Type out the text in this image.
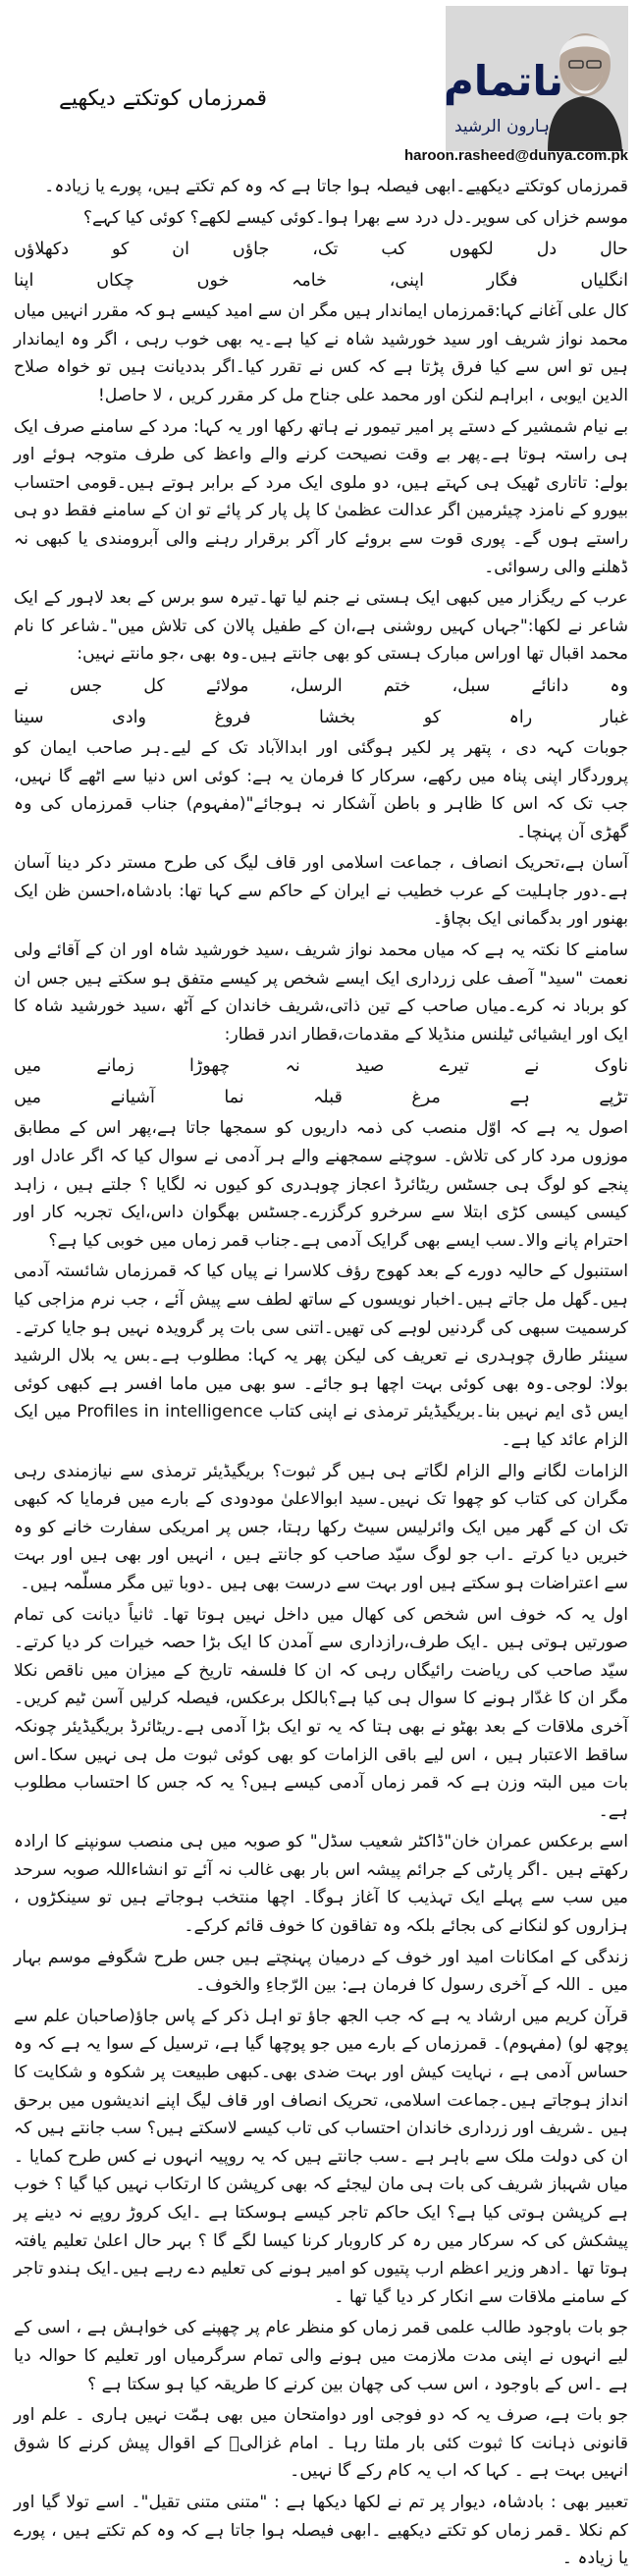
ناتمام
ہارون الرشید
haroon.rasheed@dunya.com.pk
قمرزماں کوتکتے دیکھیے

قمرزماں کوتکتے دیکھیے۔ابھی فیصلہ ہوا جاتا ہے کہ وہ کم تکتے ہیں، پورے یا زیادہ۔

موسم خزاں کی سویر۔دل درد سے بھرا ہوا۔کوئی کیسے لکھے؟ کوئی کیا کہے؟

حال
دل
لکھوں
کب
تک،
جاؤں
ان
کو
دکھلاؤں
انگلیاں
فگار
اپنی،
خامہ
خوں
چکاں
اپنا

کال علی آغانے کہا:قمرزماں ایماندار ہیں مگر ان سے امید کیسے ہو کہ مقرر انہیں میاں محمد نواز شریف اور سید خورشید شاہ نے کیا ہے۔یہ بھی خوب رہی ، اگر وہ ایماندار ہیں تو اس سے کیا فرق پڑتا ہے کہ کس نے تقرر کیا۔اگر بددیانت ہیں تو خواہ صلاح الدین ایوبی ، ابراہم لنکن اور محمد علی جناح مل کر مقرر کریں ، لا حاصل!

بے نیام شمشیر کے دستے پر امیر تیمور نے ہاتھ رکھا اور یہ کہا: مرد کے سامنے صرف ایک ہی راستہ ہوتا ہے۔پھر بے وقت نصیحت کرنے والے واعظ کی طرف متوجہ ہوئے اور بولے: تاتاری ٹھیک ہی کہتے ہیں، دو ملوی ایک مرد کے برابر ہوتے ہیں۔قومی احتساب بیورو کے نامزد چیئرمین اگر عدالت عظمیٰ کا پل پار کر پائے تو ان کے سامنے فقط دو ہی راستے ہوں گے۔ پوری قوت سے بروئے کار آکر برقرار رہنے والی آبرومندی یا کبھی نہ ڈھلنے والی رسوائی۔

عرب کے ریگزار میں کبھی ایک ہستی نے جنم لیا تھا۔تیرہ سو برس کے بعد لاہور کے ایک شاعر نے لکھا:"جہاں کہیں روشنی ہے،ان کے طفیل پالان کی تلاش میں"۔شاعر کا نام محمد اقبال تھا اوراس مبارک ہستی کو بھی جانتے ہیں۔وہ بھی ،جو مانتے نہیں:

وہ
دانائے
سبل،
ختم
الرسل،
مولائے
کل
جس
نے
غبار
راہ
کو
بخشا
فروغ
وادی
سینا

جوبات کہہ دی ، پتھر پر لکیر ہوگئی اور ابدالآباد تک کے لیے۔ہر صاحب ایمان کو پروردگار اپنی پناہ میں رکھے، سرکار کا فرمان یہ ہے: کوئی اس دنیا سے اٹھے گا نہیں، جب تک کہ اس کا ظاہر و باطن آشکار نہ ہوجائے"(مفہوم) جناب قمرزماں کی وہ گھڑی آن پہنچا۔

آسان ہے،تحریک انصاف ، جماعت اسلامی اور قاف لیگ کی طرح مستر دکر دینا آسان ہے۔دور جاہلیت کے عرب خطیب نے ایران کے حاکم سے کہا تھا: بادشاہ،احسن ظن ایک بھنور اور بدگمانی ایک بچاؤ۔

سامنے کا نکتہ یہ ہے کہ میاں محمد نواز شریف ،سید خورشید شاہ اور ان کے آقائے ولی نعمت "سید" آصف علی زرداری ایک ایسے شخص پر کیسے متفق ہو سکتے ہیں جس ان کو برباد نہ کرے۔میاں صاحب کے تین ذاتی،شریف خاندان کے آٹھ ،سید خورشید شاہ کا ایک اور ایشیائی ٹیلنس منڈیلا کے مقدمات،قطار اندر قطار:

ناوک
نے
تیرے
صید
نہ
چھوڑا
زمانے
میں
تڑپے
ہے
مرغ
قبلہ
نما
آشیانے
میں

اصول یہ ہے کہ اوّل منصب کی ذمہ داریوں کو سمجھا جاتا ہے،پھر اس کے مطابق موزوں مرد کار کی تلاش۔ سوچنے سمجھنے والے ہر آدمی نے سوال کیا کہ اگر عادل اور پنجے کو لوگ ہی جسٹس ریٹائرڈ اعجاز چوہدری کو کیوں نہ لگایا ؟ جلتے ہیں ، زاہد کیسی کیسی کڑی ابتلا سے سرخرو کرگزرے۔جسٹس بھگوان داس،ایک تجربہ کار اور احترام پانے والا۔سب ایسے بھی گرایک آدمی ہے۔جناب قمر زماں میں خوبی کیا ہے؟

استنبول کے حالیہ دورے کے بعد کھوج رؤف کلاسرا نے پیاں کیا کہ قمرزماں شائستہ آدمی ہیں۔گھل مل جاتے ہیں۔اخبار نویسوں کے ساتھ لطف سے پیش آئے ، جب نرم مزاجی کیا کرسمیت سبھی کی گردنیں لوہے کی تھیں۔اتنی سی بات پر گرویدہ نہیں ہو جایا کرتے۔سینئر طارق چوہدری نے تعریف کی لیکن پھر یہ کہا: مطلوب ہے۔بس یہ بلال الرشید بولا: لوجی۔وہ بھی کوئی بہت اچھا ہو جائے۔ سو بھی میں ماما افسر ہے کبھی کوئی ایس ڈی ایم نہیں بنا۔بریگیڈیئر ترمذی نے اپنی کتاب Profiles in intelligence میں ایک الزام عائد کیا ہے۔

الزامات لگانے والے الزام لگاتے ہی ہیں گر ثبوت؟ بریگیڈیئر ترمذی سے نیازمندی رہی مگران کی کتاب کو چھوا تک نہیں۔سید ابوالاعلیٰ مودودی کے بارے میں فرمایا کہ کبھی تک ان کے گھر میں ایک وائرلیس سیٹ رکھا رہتا، جس پر امریکی سفارت خانے کو وہ خبریں دیا کرتے ۔اب جو لوگ سیّد صاحب کو جانتے ہیں ، انہیں اور بھی ہیں اور بہت سے اعتراضات ہو سکتے ہیں اور بہت سے درست بھی ہیں ۔دوبا تیں مگر مسلّمہ ہیں۔

اول یہ کہ خوف اس شخص کی کھال میں داخل نہیں ہوتا تھا۔ ثانیاً دیانت کی تمام صورتیں ہوتی ہیں ۔ایک طرف،رازداری سے آمدن کا ایک بڑا حصہ خیرات کر دیا کرتے۔سیّد صاحب کی ریاضت رائیگاں رہی کہ ان کا فلسفہ تاریخ کے میزان میں ناقص نکلا مگر ان کا غدّار ہونے کا سوال ہی کیا ہے؟بالکل برعکس، فیصلہ کرلیں آسن ٹیم کریں۔آخری ملاقات کے بعد بھٹو نے بھی ہتا کہ یہ تو ایک بڑا آدمی ہے۔ریٹائرڈ بریگیڈیئر چونکہ ساقط الاعتبار ہیں ، اس لیے باقی الزامات کو بھی کوئی ثبوت مل ہی نہیں سکا۔اس بات میں البتہ وزن ہے کہ قمر زماں آدمی کیسے ہیں؟ یہ کہ جس کا احتساب مطلوب ہے۔

اسے برعکس عمران خان"ڈاکٹر شعیب سڈل" کو صوبہ میں ہی منصب سونپنے کا ارادہ رکھتے ہیں ۔اگر پارٹی کے جرائم پیشہ اس بار بھی غالب نہ آئے تو انشاءاللہ صوبہ سرحد میں سب سے پہلے ایک تہذیب کا آغاز ہوگا۔ اچھا منتخب ہوجاتے ہیں تو سینکڑوں ، ہزاروں کو لنکانے کی بجائے بلکہ وہ تفاقون کا خوف قائم کرکے۔

زندگی کے امکانات امید اور خوف کے درمیان پہنچتے ہیں جس طرح شگوفے موسم بہار میں ۔ اللہ کے آخری رسول کا فرمان ہے: بین الرّجاءِ والخوف۔

قرآن کریم میں ارشاد یہ ہے کہ جب الجھ جاؤ تو اہل ذکر کے پاس جاؤ(صاحبان علم سے پوچھ لو) (مفہوم)۔ قمرزماں کے بارے میں جو پوچھا گیا ہے، ترسیل کے سوا یہ ہے کہ وہ حساس آدمی ہے ، نہایت کیش اور بہت ضدی بھی۔کبھی طبیعت پر شکوہ و شکایت کا انداز ہوجاتے ہیں۔جماعت اسلامی، تحریک انصاف اور قاف لیگ اپنے اندیشوں میں برحق ہیں ۔شریف اور زرداری خاندان احتساب کی تاب کیسے لاسکتے ہیں؟ سب جانتے ہیں کہ ان کی دولت ملک سے باہر ہے ۔سب جانتے ہیں کہ یہ روپیہ انہوں نے کس طرح کمایا ۔میاں شہباز شریف کی بات ہی مان لیجئے کہ بھی کرپشن کا ارتکاب نہیں کیا گیا ؟ خوب ہے کرپشن ہوتی کیا ہے؟ ایک حاکم تاجر کیسے ہوسکتا ہے ۔ایک کروڑ روپے نہ دینے پر پیشکش کی کہ سرکار میں رہ کر کاروبار کرنا کیسا لگے گا ؟ بہر حال اعلیٰ تعلیم یافتہ ہوتا تھا ۔ادھر وزیر اعظم ارب پتیوں کو امیر ہونے کی تعلیم دے رہے ہیں۔ایک ہندو تاجر کے سامنے ملاقات سے انکار کر دیا گیا تھا ۔

جو بات باوجود طالب علمی قمر زماں کو منظر عام پر چھپنے کی خواہش ہے ، اسی کے لیے انہوں نے اپنی مدت ملازمت میں ہونے والی تمام سرگرمیاں اور تعلیم کا حوالہ دیا ہے ۔اس کے باوجود ، اس سب کی چھان بین کرنے کا طریقہ کیا ہو سکتا ہے ؟

جو بات ہے، صرف یہ کہ دو فوجی اور دوامتحان میں بھی ہمّت نہیں ہاری ۔ علم اور قانونی ذہانت کا ثبوت کئی بار ملتا رہا ۔ امام غزالیؒ کے اقوال پیش کرنے کا شوق انہیں بہت ہے ۔ کہا کہ اب یہ کام رکے گا نہیں۔

تعبیر بھی : بادشاہ، دیوار پر تم نے لکھا دیکھا ہے : "متنی متنی تقیل"۔ اسے تولا گیا اور کم نکلا ۔قمر زماں کو تکتے دیکھیے ۔ابھی فیصلہ ہوا جاتا ہے کہ وہ کم تکتے ہیں ، پورے یا زیادہ ۔
